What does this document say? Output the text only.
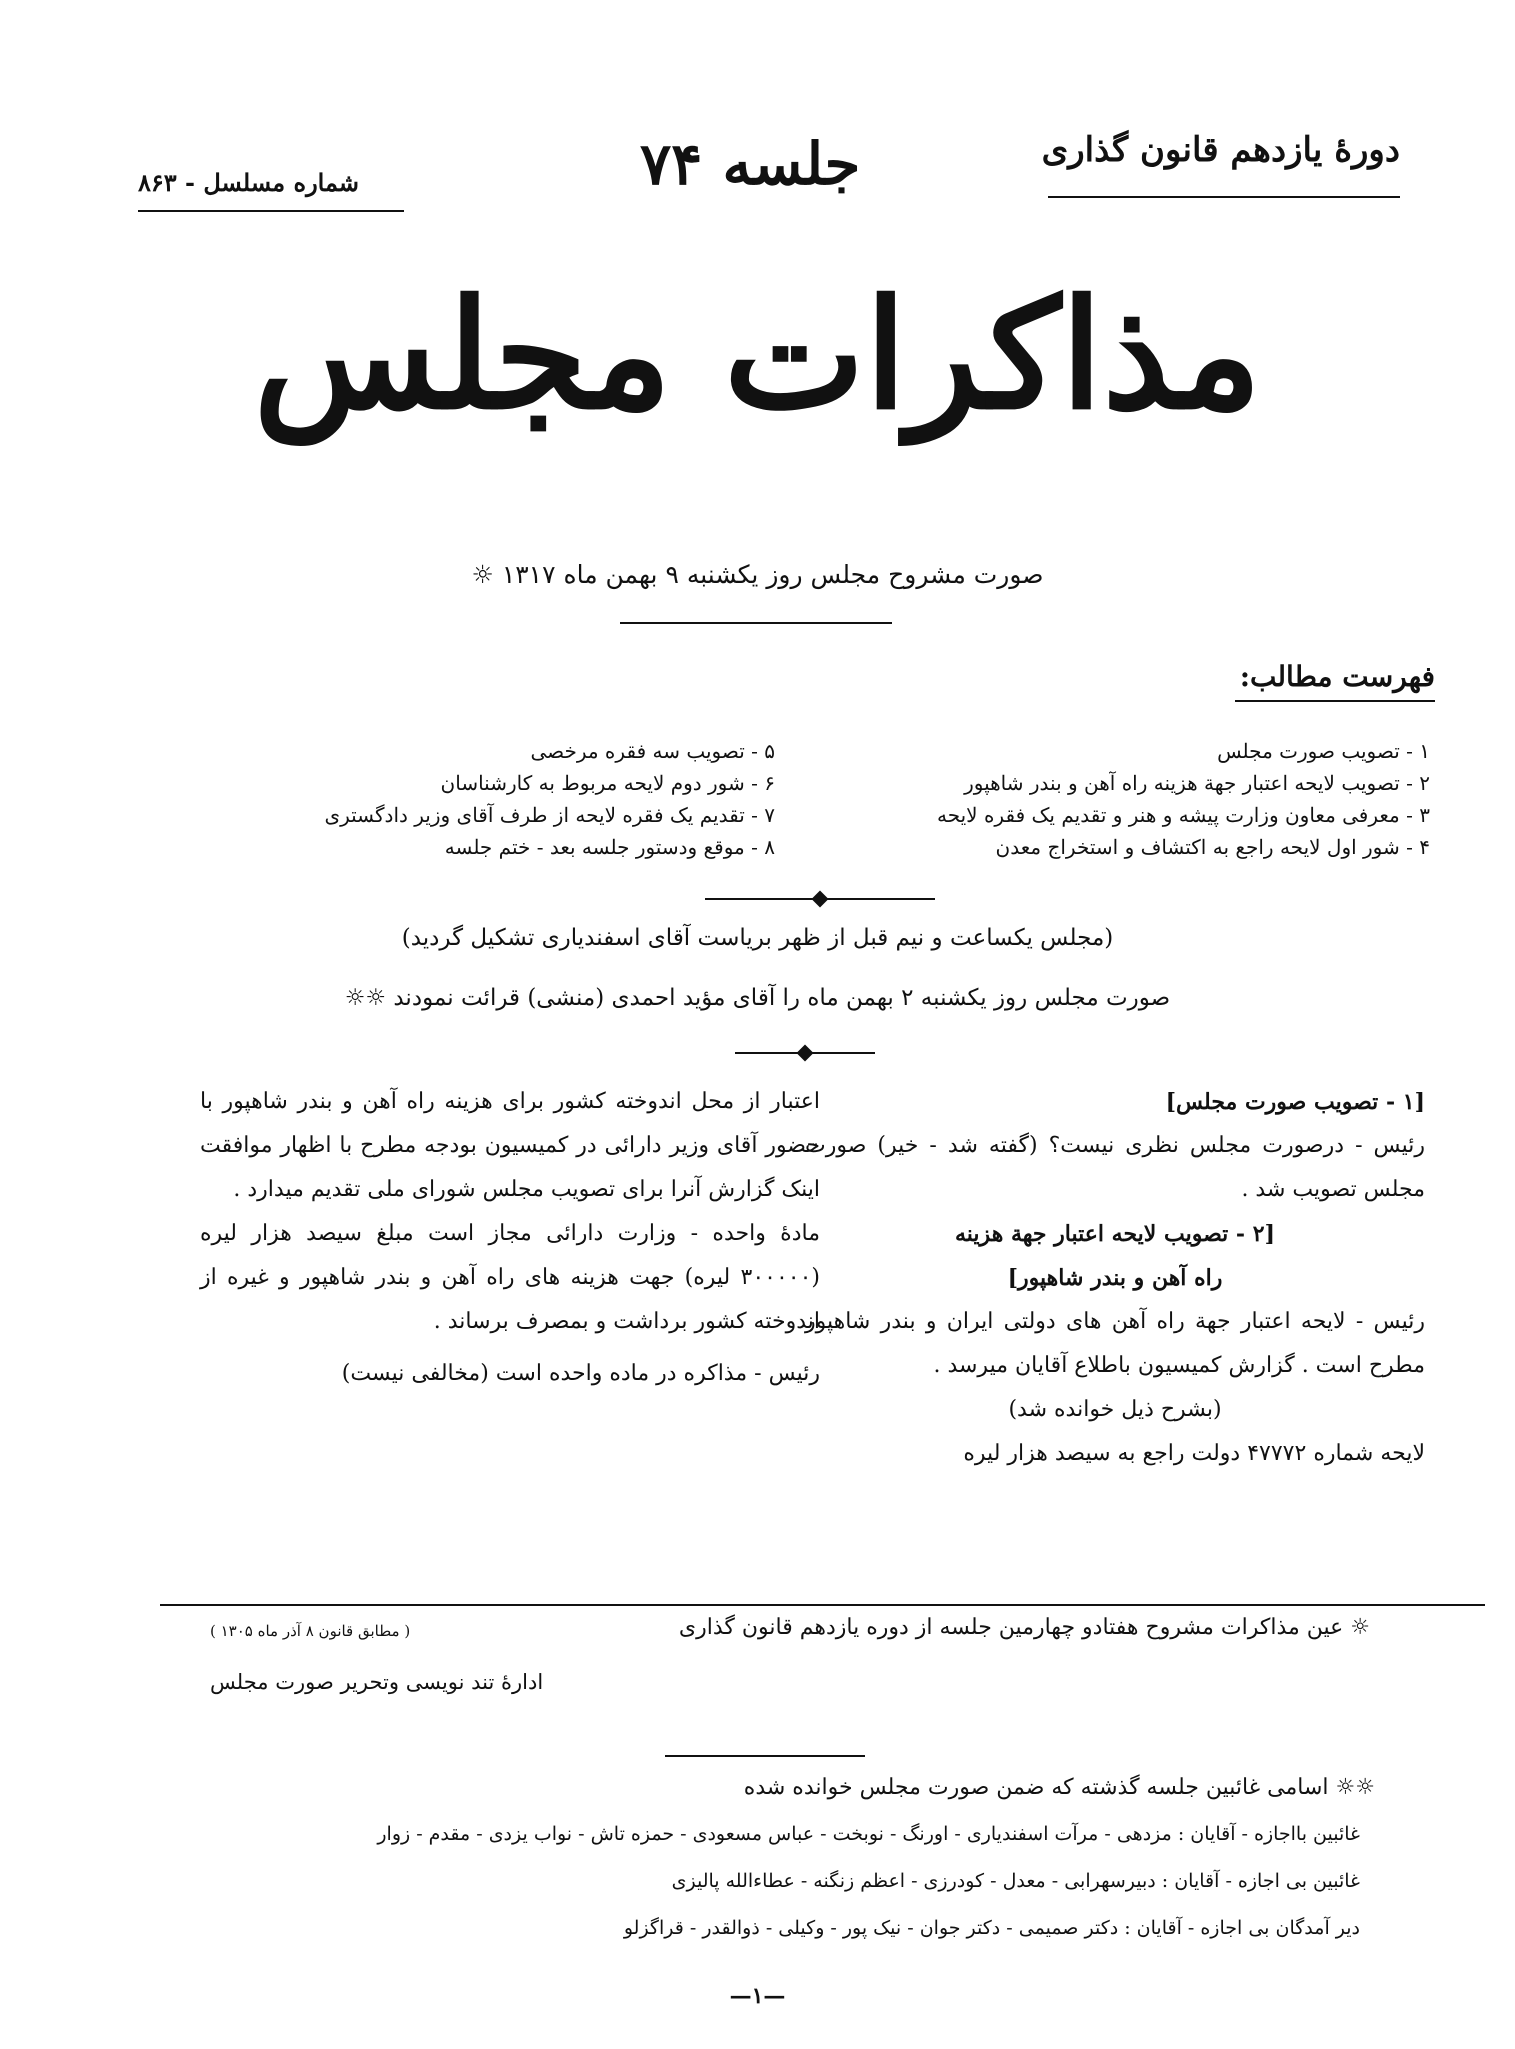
دورهٔ یازدهم قانون گذاری
جلسه ۷۴
شماره مسلسل - ۸۶۳
مذاکرات مجلس
صورت مشروح مجلس روز یکشنبه ۹ بهمن ماه ۱۳۱۷ ☼
فهرست مطالب:
۱ - تصویب صورت مجلس
۲ - تصویب لایحه اعتبار جهة هزینه راه آهن و بندر شاهپور
۳ - معرفی معاون وزارت پیشه و هنر و تقدیم یک فقره لایحه
۴ - شور اول لایحه راجع به اکتشاف و استخراج معدن
۵ - تصویب سه فقره مرخصی
۶ - شور دوم لایحه مربوط به کارشناسان
۷ - تقدیم یک فقره لایحه از طرف آقای وزیر دادگستری
۸ - موقع ودستور جلسه بعد - ختم جلسه
(مجلس یکساعت و نیم قبل از ظهر بریاست آقای اسفندیاری تشکیل گردید)
صورت مجلس روز یکشنبه ۲ بهمن ماه را آقای مؤید احمدی (منشی) قرائت نمودند ☼☼

[۱ - تصویب صورت مجلس]

رئیس - درصورت مجلس نظری نیست؟ (گفته شد - خیر) صورت مجلس تصویب شد .

[۲ - تصویب لایحه اعتبار جهة هزینه

راه آهن و بندر شاهپور]

رئیس - لایحه اعتبار جهة راه آهن های دولتی ایران و بندر شاهپور مطرح است . گزارش کمیسیون باطلاع آقایان میرسد .

(بشرح ذیل خوانده شد)

لایحه شماره ۴۷۷۷۲ دولت راجع به سیصد هزار لیره

اعتبار از محل اندوخته کشور برای هزینه راه آهن و بندر شاهپور با حضور آقای وزیر دارائی در کمیسیون بودجه مطرح با اظهار موافقت اینک گزارش آنرا برای تصویب مجلس شورای ملی تقدیم میدارد .

مادهٔ واحده - وزارت دارائی مجاز است مبلغ سیصد هزار لیره (۳۰۰۰۰۰ لیره) جهت هزینه های راه آهن و بندر شاهپور و غیره از اندوخته کشور برداشت و بمصرف برساند .

رئیس - مذاکره در ماده واحده است (مخالفی نیست)

☼ عین مذاکرات مشروح هفتادو چهارمین جلسه از دوره یازدهم قانون گذاری
( مطابق قانون ۸ آذر ماه ۱۳۰۵ )
ادارهٔ تند نویسی وتحریر صورت مجلس
☼☼ اسامی غائبین جلسه گذشته که ضمن صورت مجلس خوانده شده
غائبین بااجازه - آقایان : مزدهی - مرآت اسفندیاری - اورنگ - نوبخت - عباس مسعودی - حمزه تاش - نواب یزدی - مقدم - زوار
غائبین بی اجازه - آقایان : دبیرسهرابی - معدل - کودرزی - اعظم زنگنه - عطاءالله پالیزی
دیر آمدگان بی اجازه - آقایان : دکتر صمیمی - دکتر جوان - نیک پور - وکیلی - ذوالقدر - قراگزلو
—۱—
